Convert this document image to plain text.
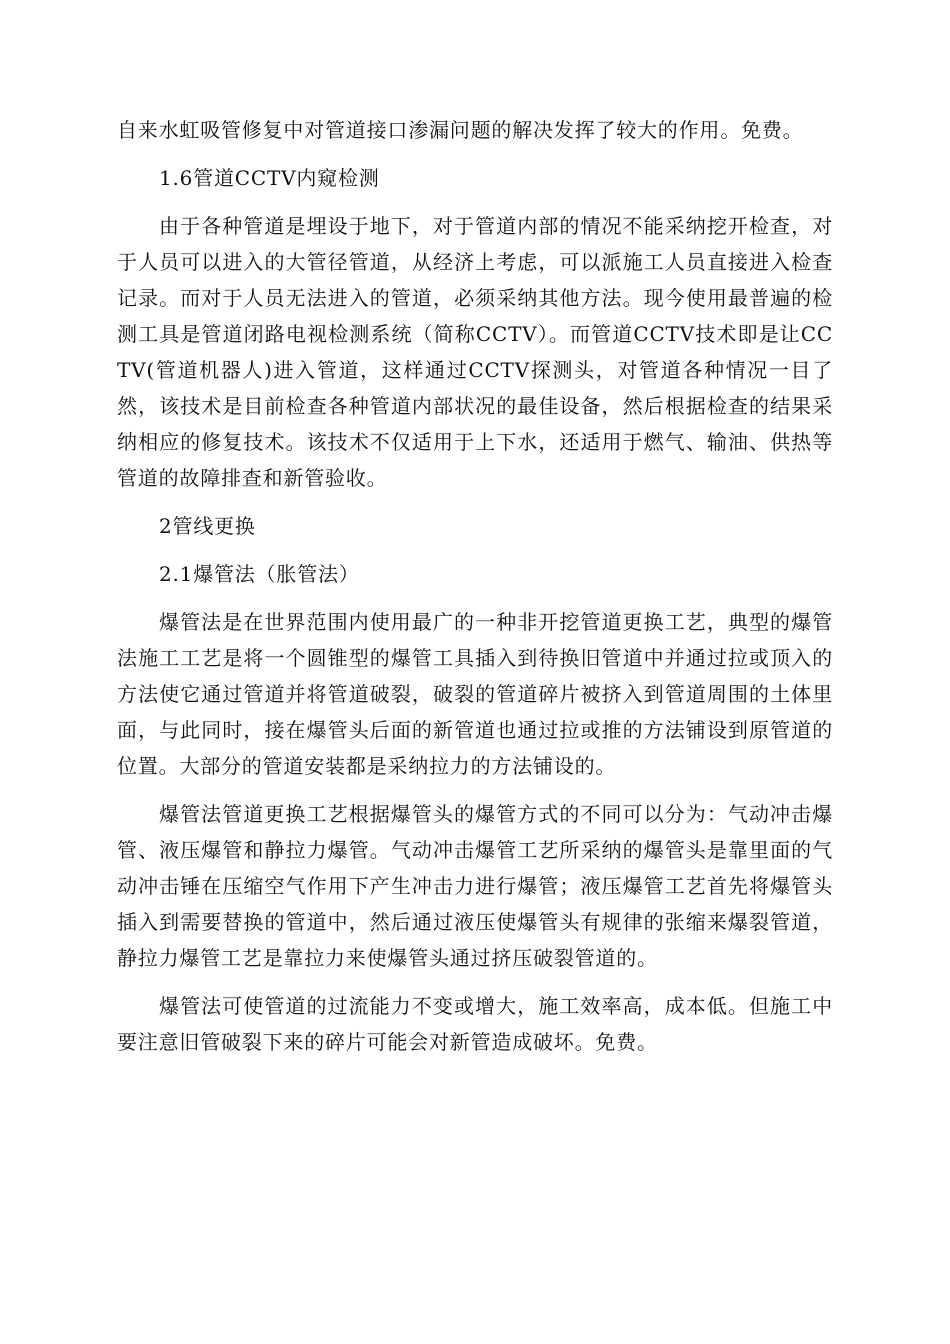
自来水虹吸管修复中对管道接口渗漏问题的解决发挥了较大的作用。免费。

1.6管道CCTV内窥检测

由于各种管道是埋设于地下，对于管道内部的情况不能采纳挖开检查，对于人员可以进入的大管径管道，从经济上考虑，可以派施工人员直接进入检查记录。而对于人员无法进入的管道，必须采纳其他方法。现今使用最普遍的检测工具是管道闭路电视检测系统（简称CCTV）。而管道CCTV技术即是让CCTV(管道机器人)进入管道，这样通过CCTV探测头，对管道各种情况一目了然，该技术是目前检查各种管道内部状况的最佳设备，然后根据检查的结果采纳相应的修复技术。该技术不仅适用于上下水，还适用于燃气、输油、供热等管道的故障排查和新管验收。

2管线更换

2.1爆管法（胀管法）

爆管法是在世界范围内使用最广的一种非开挖管道更换工艺，典型的爆管法施工工艺是将一个圆锥型的爆管工具插入到待换旧管道中并通过拉或顶入的方法使它通过管道并将管道破裂，破裂的管道碎片被挤入到管道周围的土体里面，与此同时，接在爆管头后面的新管道也通过拉或推的方法铺设到原管道的位置。大部分的管道安装都是采纳拉力的方法铺设的。

爆管法管道更换工艺根据爆管头的爆管方式的不同可以分为：气动冲击爆管、液压爆管和静拉力爆管。气动冲击爆管工艺所采纳的爆管头是靠里面的气动冲击锤在压缩空气作用下产生冲击力进行爆管；液压爆管工艺首先将爆管头插入到需要替换的管道中，然后通过液压使爆管头有规律的张缩来爆裂管道，静拉力爆管工艺是靠拉力来使爆管头通过挤压破裂管道的。

爆管法可使管道的过流能力不变或增大，施工效率高，成本低。但施工中要注意旧管破裂下来的碎片可能会对新管造成破坏。免费。
